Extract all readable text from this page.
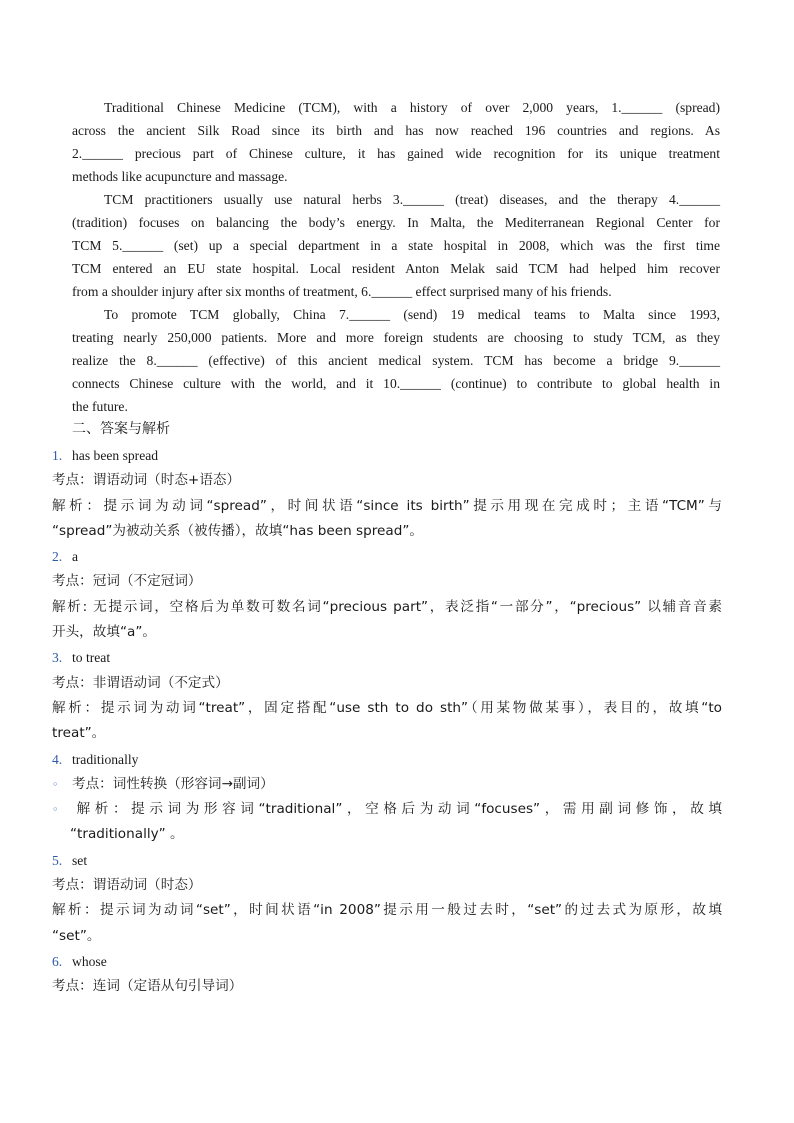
Traditional Chinese Medicine (TCM), with a history of over 2,000 years, 1.______ (spread)
across the ancient Silk Road since its birth and has now reached 196 countries and regions. As
2.______ precious part of Chinese culture, it has gained wide recognition for its unique treatment
methods like acupuncture and massage.
TCM practitioners usually use natural herbs 3.______ (treat) diseases, and the therapy 4.______
(tradition) focuses on balancing the body’s energy. In Malta, the Mediterranean Regional Center for
TCM 5.______ (set) up a special department in a state hospital in 2008, which was the first time
TCM entered an EU state hospital. Local resident Anton Melak said TCM had helped him recover
from a shoulder injury after six months of treatment, 6.______ effect surprised many of his friends.
To promote TCM globally, China 7.______ (send) 19 medical teams to Malta since 1993,
treating nearly 250,000 patients. More and more foreign students are choosing to study TCM, as they
realize the 8.______ (effective) of this ancient medical system. TCM has become a bridge 9.______
connects Chinese culture with the world, and it 10.______ (continue) to contribute to global health in
the future.
二、答案与解析
1. has been spread
考点：谓语动词（时态+语态）
解析：提示词为动词“spread”，时间状语“since its birth”提示用现在完成时；主语“TCM”与
“spread”为被动关系（被传播），故填“has been spread”。
2. a
考点：冠词（不定冠词）
解析: 无提示词，空格后为单数可数名词“precious part”，表泛指“一部分”，“precious” 以辅音音素
开头，故填“a”。
3. to treat
考点：非谓语动词（不定式）
解析：提示词为动词“treat”，固定搭配“use sth to do sth”（用某物做某事），表目的，故填“to
treat”。
4. traditionally
◦ 考点：词性转换（形容词→副词）
◦ 解析：提示词为形容词“traditional”，空格后为动词“focuses”，需用副词修饰，故填
“traditionally” 。
5. set
考点：谓语动词（时态）
解析：提示词为动词“set”，时间状语“in 2008”提示用一般过去时，“set”的过去式为原形，故填
“set”。
6. whose
考点：连词（定语从句引导词）
